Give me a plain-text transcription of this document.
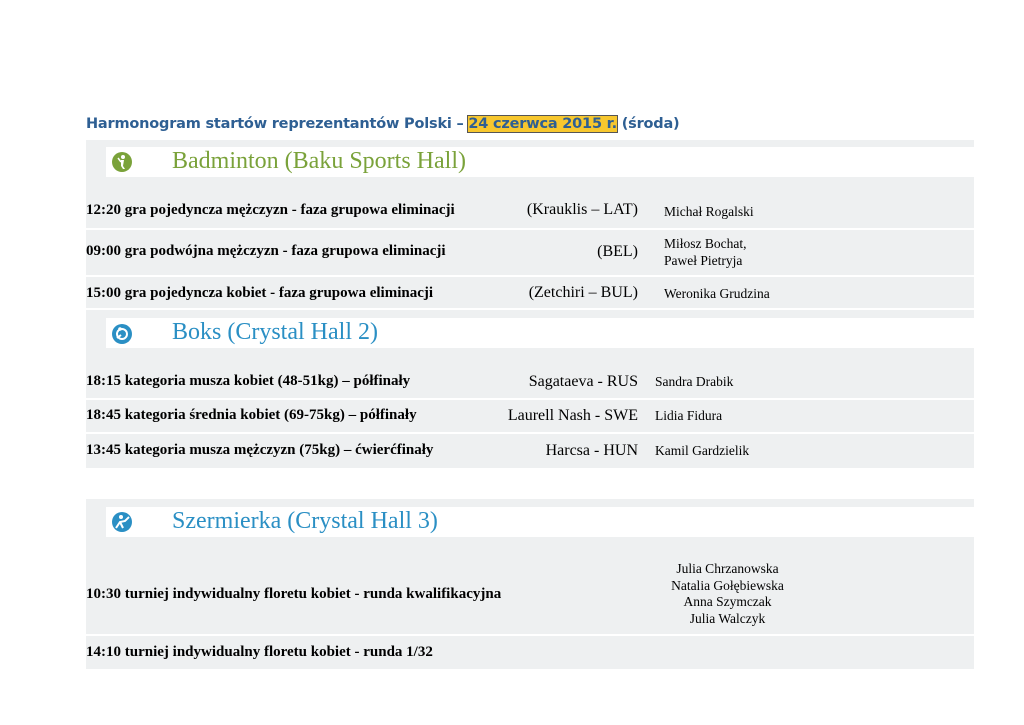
Harmonogram startów reprezentantów Polski – 24 czerwca 2015 r. (środa)
Badminton (Baku Sports Hall)
12:20 gra pojedyncza mężczyzn - faza grupowa eliminacji	(Krauklis – LAT) Michał Rogalski
09:00 gra podwójna mężczyzn - faza grupowa eliminacji	(BEL) Miłosz Bochat,
Paweł Pietryja
15:00 gra pojedyncza kobiet - faza grupowa eliminacji	(Zetchiri – BUL) Weronika Grudzina
Boks (Crystal Hall 2)
18:15 kategoria musza kobiet (48-51kg) – półfinały	Sagataeva - RUS Sandra Drabik
18:45 kategoria średnia kobiet (69-75kg) – półfinały	Laurell Nash - SWE Lidia Fidura
13:45 kategoria musza mężczyzn (75kg) – ćwierćfinały	Harcsa - HUN Kamil Gardzielik
Szermierka (Crystal Hall 3)
10:30 turniej indywidualny floretu kobiet - runda kwalifikacyjna
Julia Chrzanowska
Natalia Gołębiewska
Anna Szymczak
Julia Walczyk
14:10 turniej indywidualny floretu kobiet - runda 1/32
